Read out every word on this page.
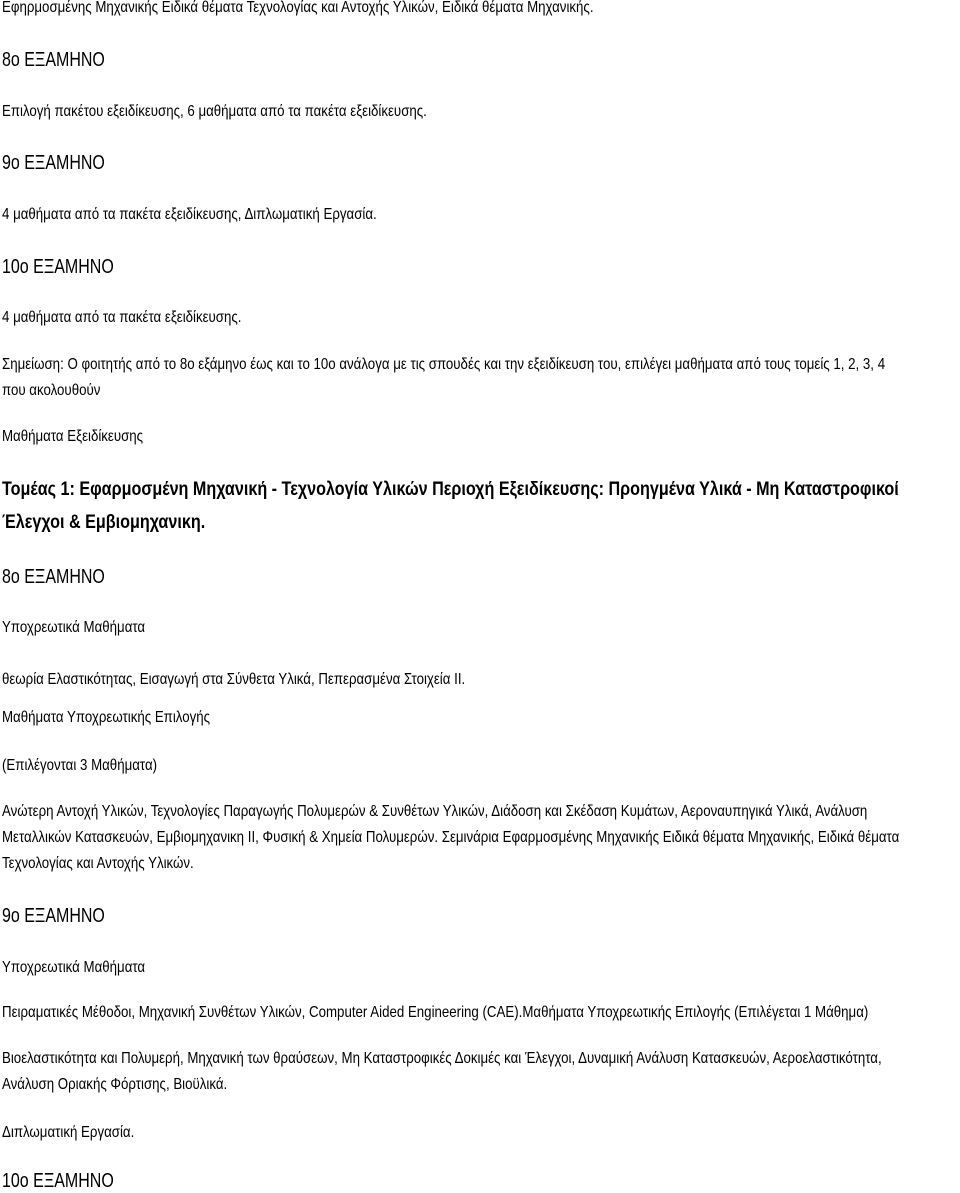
Εφηρμοσμένης Μηχανικής Ειδικά θέματα Τεχνολογίας και Αντοχής Υλικών, Ειδικά θέματα Μηχανικής.
8ο ΕΞΑΜΗΝΟ
Επιλογή πακέτου εξειδίκευσης, 6 μαθήματα από τα πακέτα εξειδίκευσης.
9ο ΕΞΑΜΗΝΟ
4 μαθήματα από τα πακέτα εξειδίκευσης, Διπλωματική Εργασία.
10ο ΕΞΑΜΗΝΟ
4 μαθήματα από τα πακέτα εξειδίκευσης.
Σημείωση: Ο φοιτητής από το 8ο εξάμηνο έως και το 10ο ανάλογα με τις σπουδές και την εξειδίκευση του, επιλέγει μαθήματα από τους τομείς 1, 2, 3, 4
που ακολουθούν
Μαθήματα Εξειδίκευσης
Τομέας 1: Εφαρμοσμένη Μηχανική - Τεχνολογία Υλικών Περιοχή Εξειδίκευσης: Προηγμένα Υλικά - Μη Καταστροφικοί
Έλεγχοι & Εμβιομηχανικη.
8ο ΕΞΑΜΗΝΟ
Υποχρεωτικά Μαθήματα
θεωρία Ελαστικότητας, Εισαγωγή στα Σύνθετα Υλικά, Πεπερασμένα Στοιχεία II.
Μαθήματα Υποχρεωτικής Επιλογής
(Επιλέγονται 3 Μαθήματα)
Ανώτερη Αντοχή Υλικών, Τεχνολογίες Παραγωγής Πολυμερών & Συνθέτων Υλικών, Διάδοση και Σκέδαση Κυμάτων, Αεροναυπηγικά Υλικά, Ανάλυση
Μεταλλικών Κατασκευών, Εμβιομηχανικη II, Φυσική & Χημεία Πολυμερών. Σεμινάρια Εφαρμοσμένης Μηχανικής Ειδικά θέματα Μηχανικής, Ειδικά θέματα
Τεχνολογίας και Αντοχής Υλικών.
9ο ΕΞΑΜΗΝΟ
Υποχρεωτικά Μαθήματα
Πειραματικές Μέθοδοι, Μηχανική Συνθέτων Υλικών, Computer Aided Engineering (CAE).Μαθήματα Υποχρεωτικής Επιλογής (Επιλέγεται 1 Μάθημα)
Βιοελαστικότητα και Πολυμερή, Μηχανική των θραύσεων, Μη Καταστροφικές Δοκιμές και Έλεγχοι, Δυναμική Ανάλυση Κατασκευών, Αεροελαστικότητα,
Ανάλυση Οριακής Φόρτισης, Βιοϋλικά.
Διπλωματική Εργασία.
10ο ΕΞΑΜΗΝΟ
